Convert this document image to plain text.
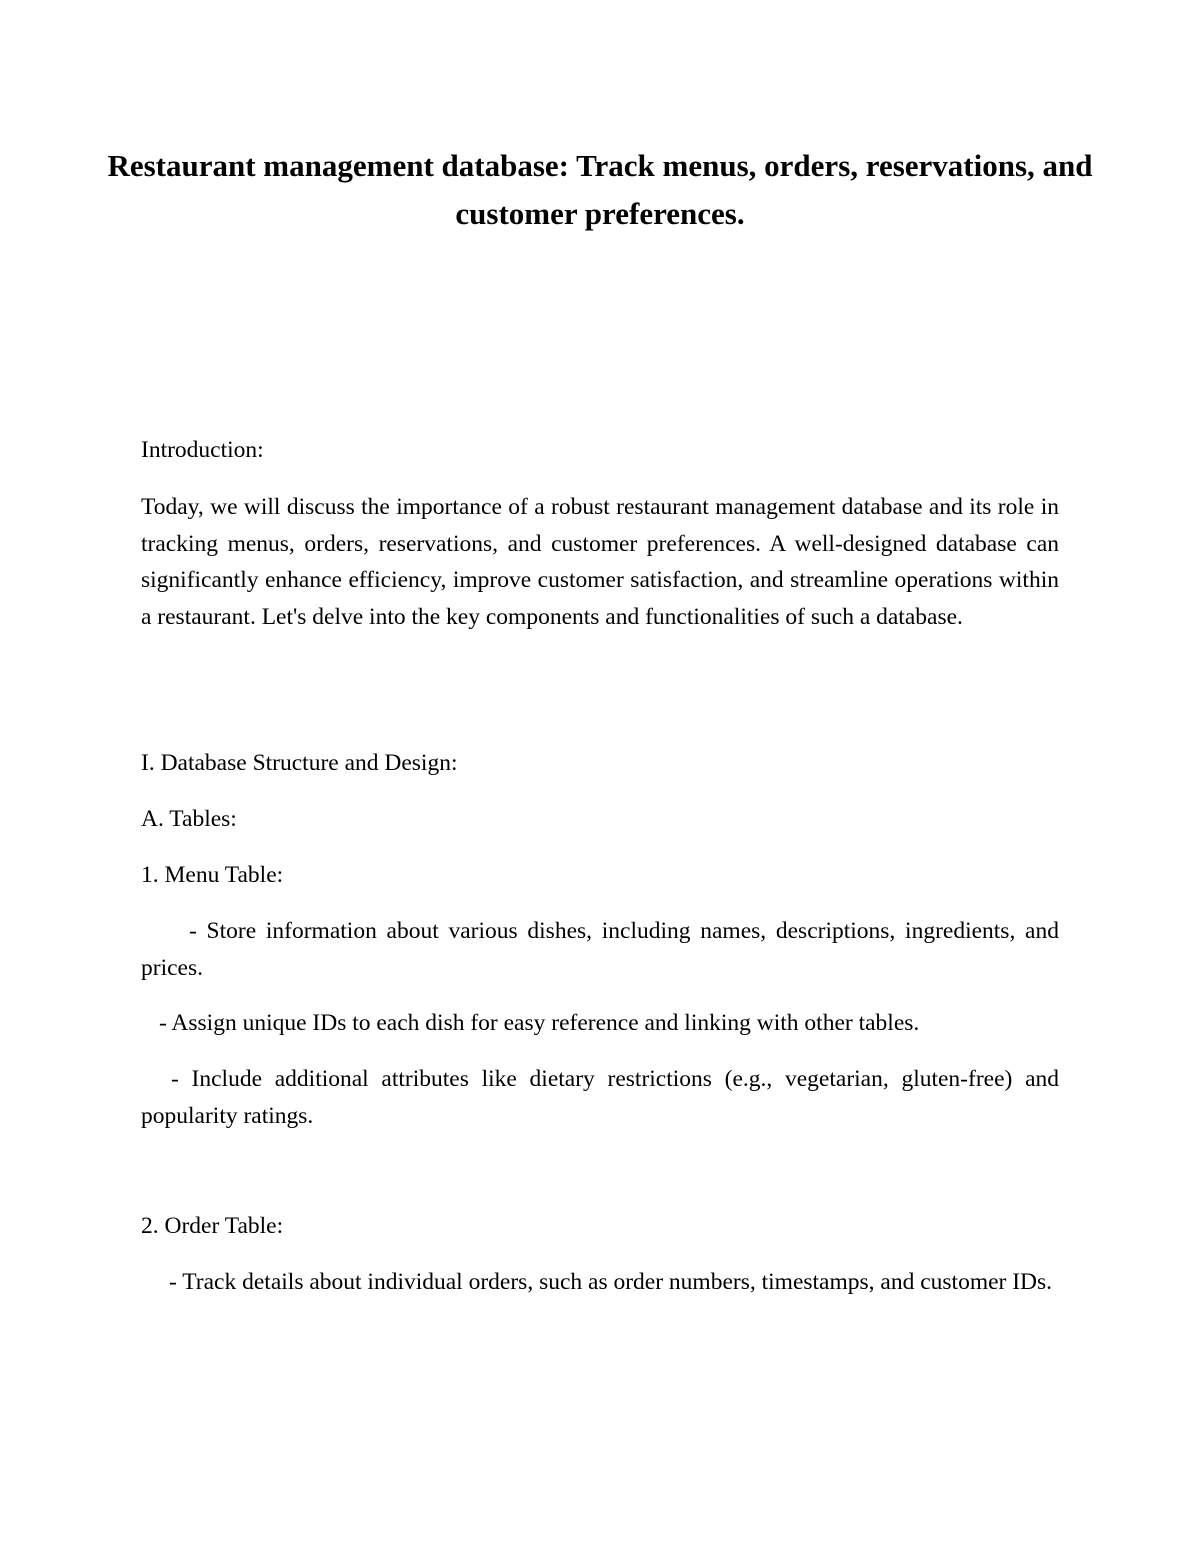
Restaurant management database: Track menus, orders, reservations, and customer preferences.

Introduction:

Today, we will discuss the importance of a robust restaurant management database and its role in tracking menus, orders, reservations, and customer preferences. A well-designed database can significantly enhance efficiency, improve customer satisfaction, and streamline operations within a restaurant. Let's delve into the key components and functionalities of such a database.

I. Database Structure and Design:

A. Tables:

1. Menu Table:

- Store information about various dishes, including names, descriptions, ingredients, and prices.

- Assign unique IDs to each dish for easy reference and linking with other tables.

- Include additional attributes like dietary restrictions (e.g., vegetarian, gluten-free) and popularity ratings.

2. Order Table:

- Track details about individual orders, such as order numbers, timestamps, and customer IDs.
